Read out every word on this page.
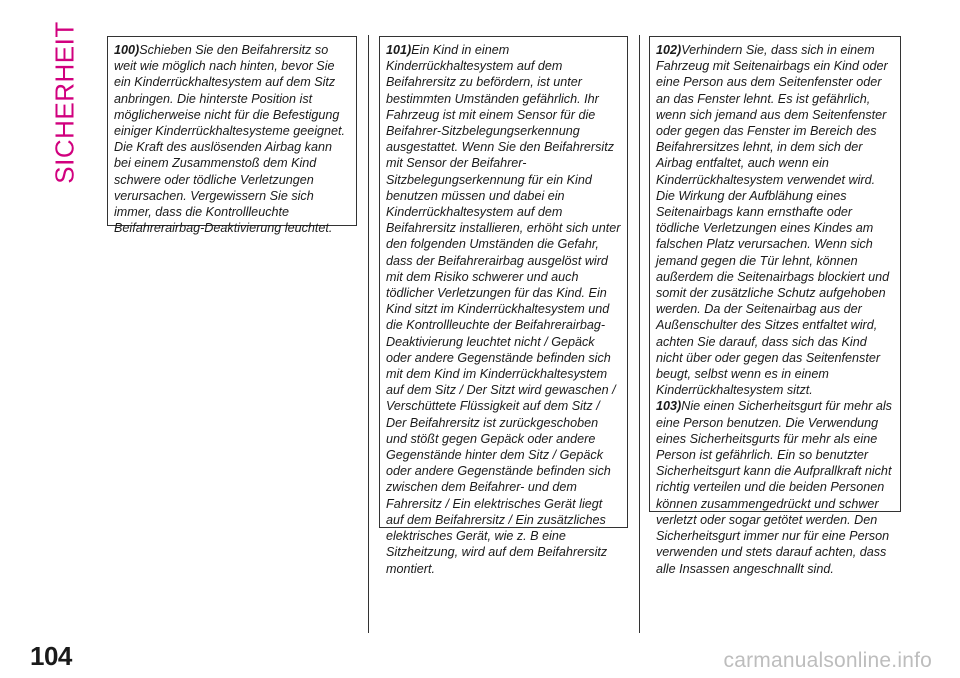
SICHERHEIT	100)Schieben Sie den Beifahrersitz so weit wie möglich nach hinten, bevor Sie ein Kinderrückhaltesystem auf dem Sitz anbringen. Die hinterste Position ist möglicherweise nicht für die Befestigung einiger Kinderrückhaltesysteme geeignet. Die Kraft des auslösenden Airbag kann bei einem Zusammenstoß dem Kind schwere oder tödliche Verletzungen verursachen. Vergewissern Sie sich immer, dass die Kontrollleuchte Beifahrerairbag-Deaktivierung leuchtet.

101)Ein Kind in einem Kinderrückhaltesystem auf dem Beifahrersitz zu befördern, ist unter bestimmten Umständen gefährlich. Ihr Fahrzeug ist mit einem Sensor für die Beifahrer-Sitzbelegungserkennung ausgestattet. Wenn Sie den Beifahrersitz mit Sensor der Beifahrer-Sitzbelegungserkennung für ein Kind benutzen müssen und dabei ein Kinderrückhaltesystem auf dem Beifahrersitz installieren, erhöht sich unter den folgenden Umständen die Gefahr, dass der Beifahrerairbag ausgelöst wird mit dem Risiko schwerer und auch tödlicher Verletzungen für das Kind. Ein Kind sitzt im Kinderrückhaltesystem und die Kontrollleuchte der Beifahrerairbag-Deaktivierung leuchtet nicht / Gepäck oder andere Gegenstände befinden sich mit dem Kind im Kinderrückhaltesystem auf dem Sitz / Der Sitzt wird gewaschen / Verschüttete Flüssigkeit auf dem Sitz / Der Beifahrersitz ist zurückgeschoben und stößt gegen Gepäck oder andere Gegenstände hinter dem Sitz / Gepäck oder andere Gegenstände befinden sich zwischen dem Beifahrer- und dem Fahrersitz / Ein elektrisches Gerät liegt auf dem Beifahrersitz / Ein zusätzliches elektrisches Gerät, wie z. B eine Sitzheitzung, wird auf dem Beifahrersitz montiert.

102)Verhindern Sie, dass sich in einem Fahrzeug mit Seitenairbags ein Kind oder eine Person aus dem Seitenfenster oder an das Fenster lehnt. Es ist gefährlich, wenn sich jemand aus dem Seitenfenster oder gegen das Fenster im Bereich des Beifahrersitzes lehnt, in dem sich der Airbag entfaltet, auch wenn ein Kinderrückhaltesystem verwendet wird. Die Wirkung der Aufblähung eines Seitenairbags kann ernsthafte oder tödliche Verletzungen eines Kindes am falschen Platz verursachen. Wenn sich jemand gegen die Tür lehnt, können außerdem die Seitenairbags blockiert und somit der zusätzliche Schutz aufgehoben werden. Da der Seitenairbag aus der Außenschulter des Sitzes entfaltet wird, achten Sie darauf, dass sich das Kind nicht über oder gegen das Seitenfenster beugt, selbst wenn es in einem Kinderrückhaltesystem sitzt.

103)Nie einen Sicherheitsgurt für mehr als eine Person benutzen. Die Verwendung eines Sicherheitsgurts für mehr als eine Person ist gefährlich. Ein so benutzter Sicherheitsgurt kann die Aufprallkraft nicht richtig verteilen und die beiden Personen können zusammengedrückt und schwer verletzt oder sogar getötet werden. Den Sicherheitsgurt immer nur für eine Person verwenden und stets darauf achten, dass alle Insassen angeschnallt sind.

104	carmanualsonline.info
